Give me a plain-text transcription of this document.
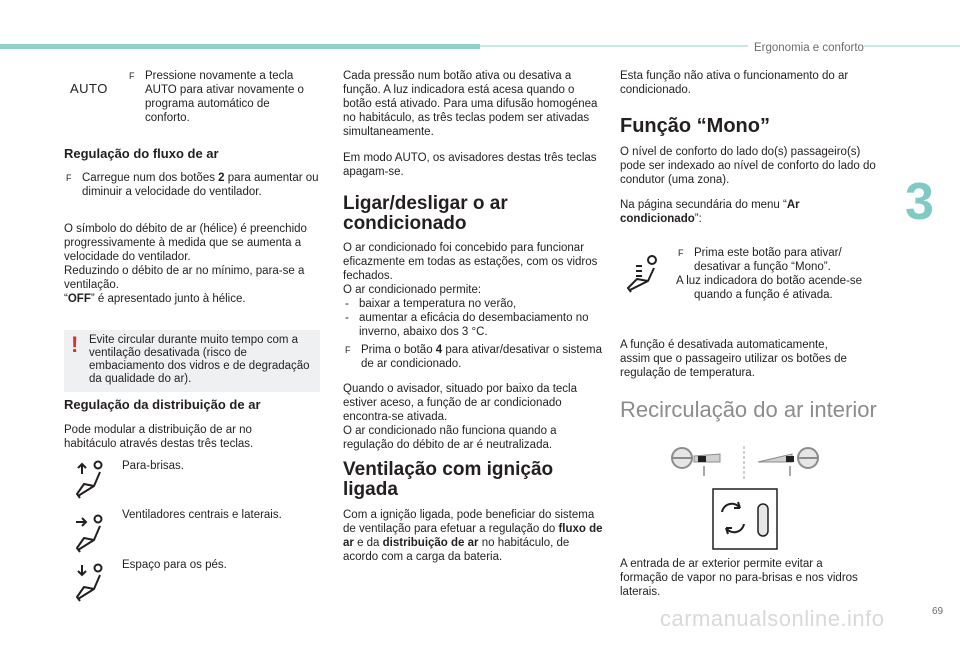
Ergonomia e conforto
3
69
carmanualsonline.info
AUTO
F Pressione novamente a tecla AUTO para ativar novamente o programa automático de conforto.
Regulação do fluxo de ar
F Carregue num dos botões 2 para aumentar ou diminuir a velocidade do ventilador.

O símbolo do débito de ar (hélice) é preenchido progressivamente à medida que se aumenta a velocidade do ventilador.

Reduzindo o débito de ar no mínimo, para-se a ventilação.

“OFF” é apresentado junto à hélice.

! Evite circular durante muito tempo com a ventilação desativada (risco de embaciamento dos vidros e de degradação da qualidade do ar).
Regulação da distribuição de ar
Pode modular a distribuição de ar no habitáculo através destas três teclas.
Para-brisas.
Ventiladores centrais e laterais.
Espaço para os pés.

Cada pressão num botão ativa ou desativa a função. A luz indicadora está acesa quando o botão está ativado. Para uma difusão homogénea no habitáculo, as três teclas podem ser ativadas simultaneamente.

Em modo AUTO, os avisadores destas três teclas apagam-se.

Ligar/desligar o ar condicionado

O ar condicionado foi concebido para funcionar eficazmente em todas as estações, com os vidros fechados.

O ar condicionado permite:

- baixar a temperatura no verão,
- aumentar a eficácia do desembaciamento no inverno, abaixo dos 3 °C.
F Prima o botão 4 para ativar/desativar o sistema de ar condicionado.

Quando o avisador, situado por baixo da tecla estiver aceso, a função de ar condicionado encontra-se ativada.

O ar condicionado não funciona quando a regulação do débito de ar é neutralizada.

Ventilação com ignição ligada
Com a ignição ligada, pode beneficiar do sistema de ventilação para efetuar a regulação do fluxo de ar e da distribuição de ar no habitáculo, de acordo com a carga da bateria.
Esta função não ativa o funcionamento do ar condicionado.
Função “Mono”

O nível de conforto do lado do(s) passageiro(s) pode ser indexado ao nível de conforto do lado do condutor (uma zona).

Na página secundária do menu “Ar condicionado”:

F Prima este botão para ativar/ desativar a função “Mono”.
A luz indicadora do botão acende-se quando a função é ativada.
A função é desativada automaticamente, assim que o passageiro utilizar os botões de regulação de temperatura.
Recirculação do ar interior
A entrada de ar exterior permite evitar a formação de vapor no para-brisas e nos vidros laterais.
